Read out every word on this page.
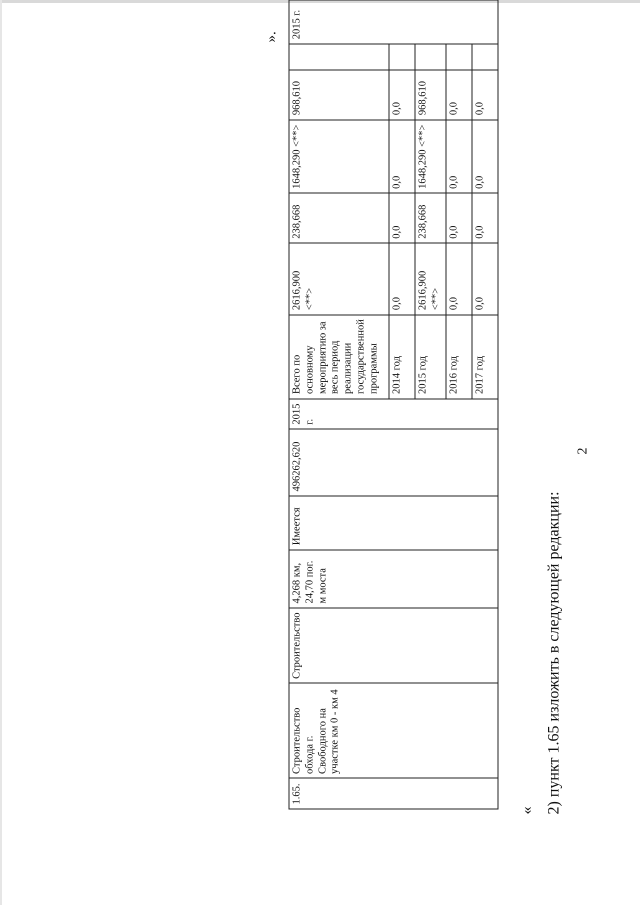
2
« 2) пункт 1.65 изложить в следующей редакции:
1.65.	Строительство обхода г. Свободного на участке км 0 - км 4	Строительство	4,268 км, 24,70 пог. м моста	Имеется	496262,620	2015 г.	Всего по основному мероприятию за весь период реализации государственной программы	2616,900 <**>	238,668	1648,290 <**>	968,610		2015 г.
							2014 год	0,0	0,0	0,0	0,0		
							2015 год	2616,900 <**>	238,668	1648,290 <**>	968,610		
							2016 год	0,0	0,0	0,0	0,0		
							2017 год	0,0	0,0	0,0	0,0		
».
